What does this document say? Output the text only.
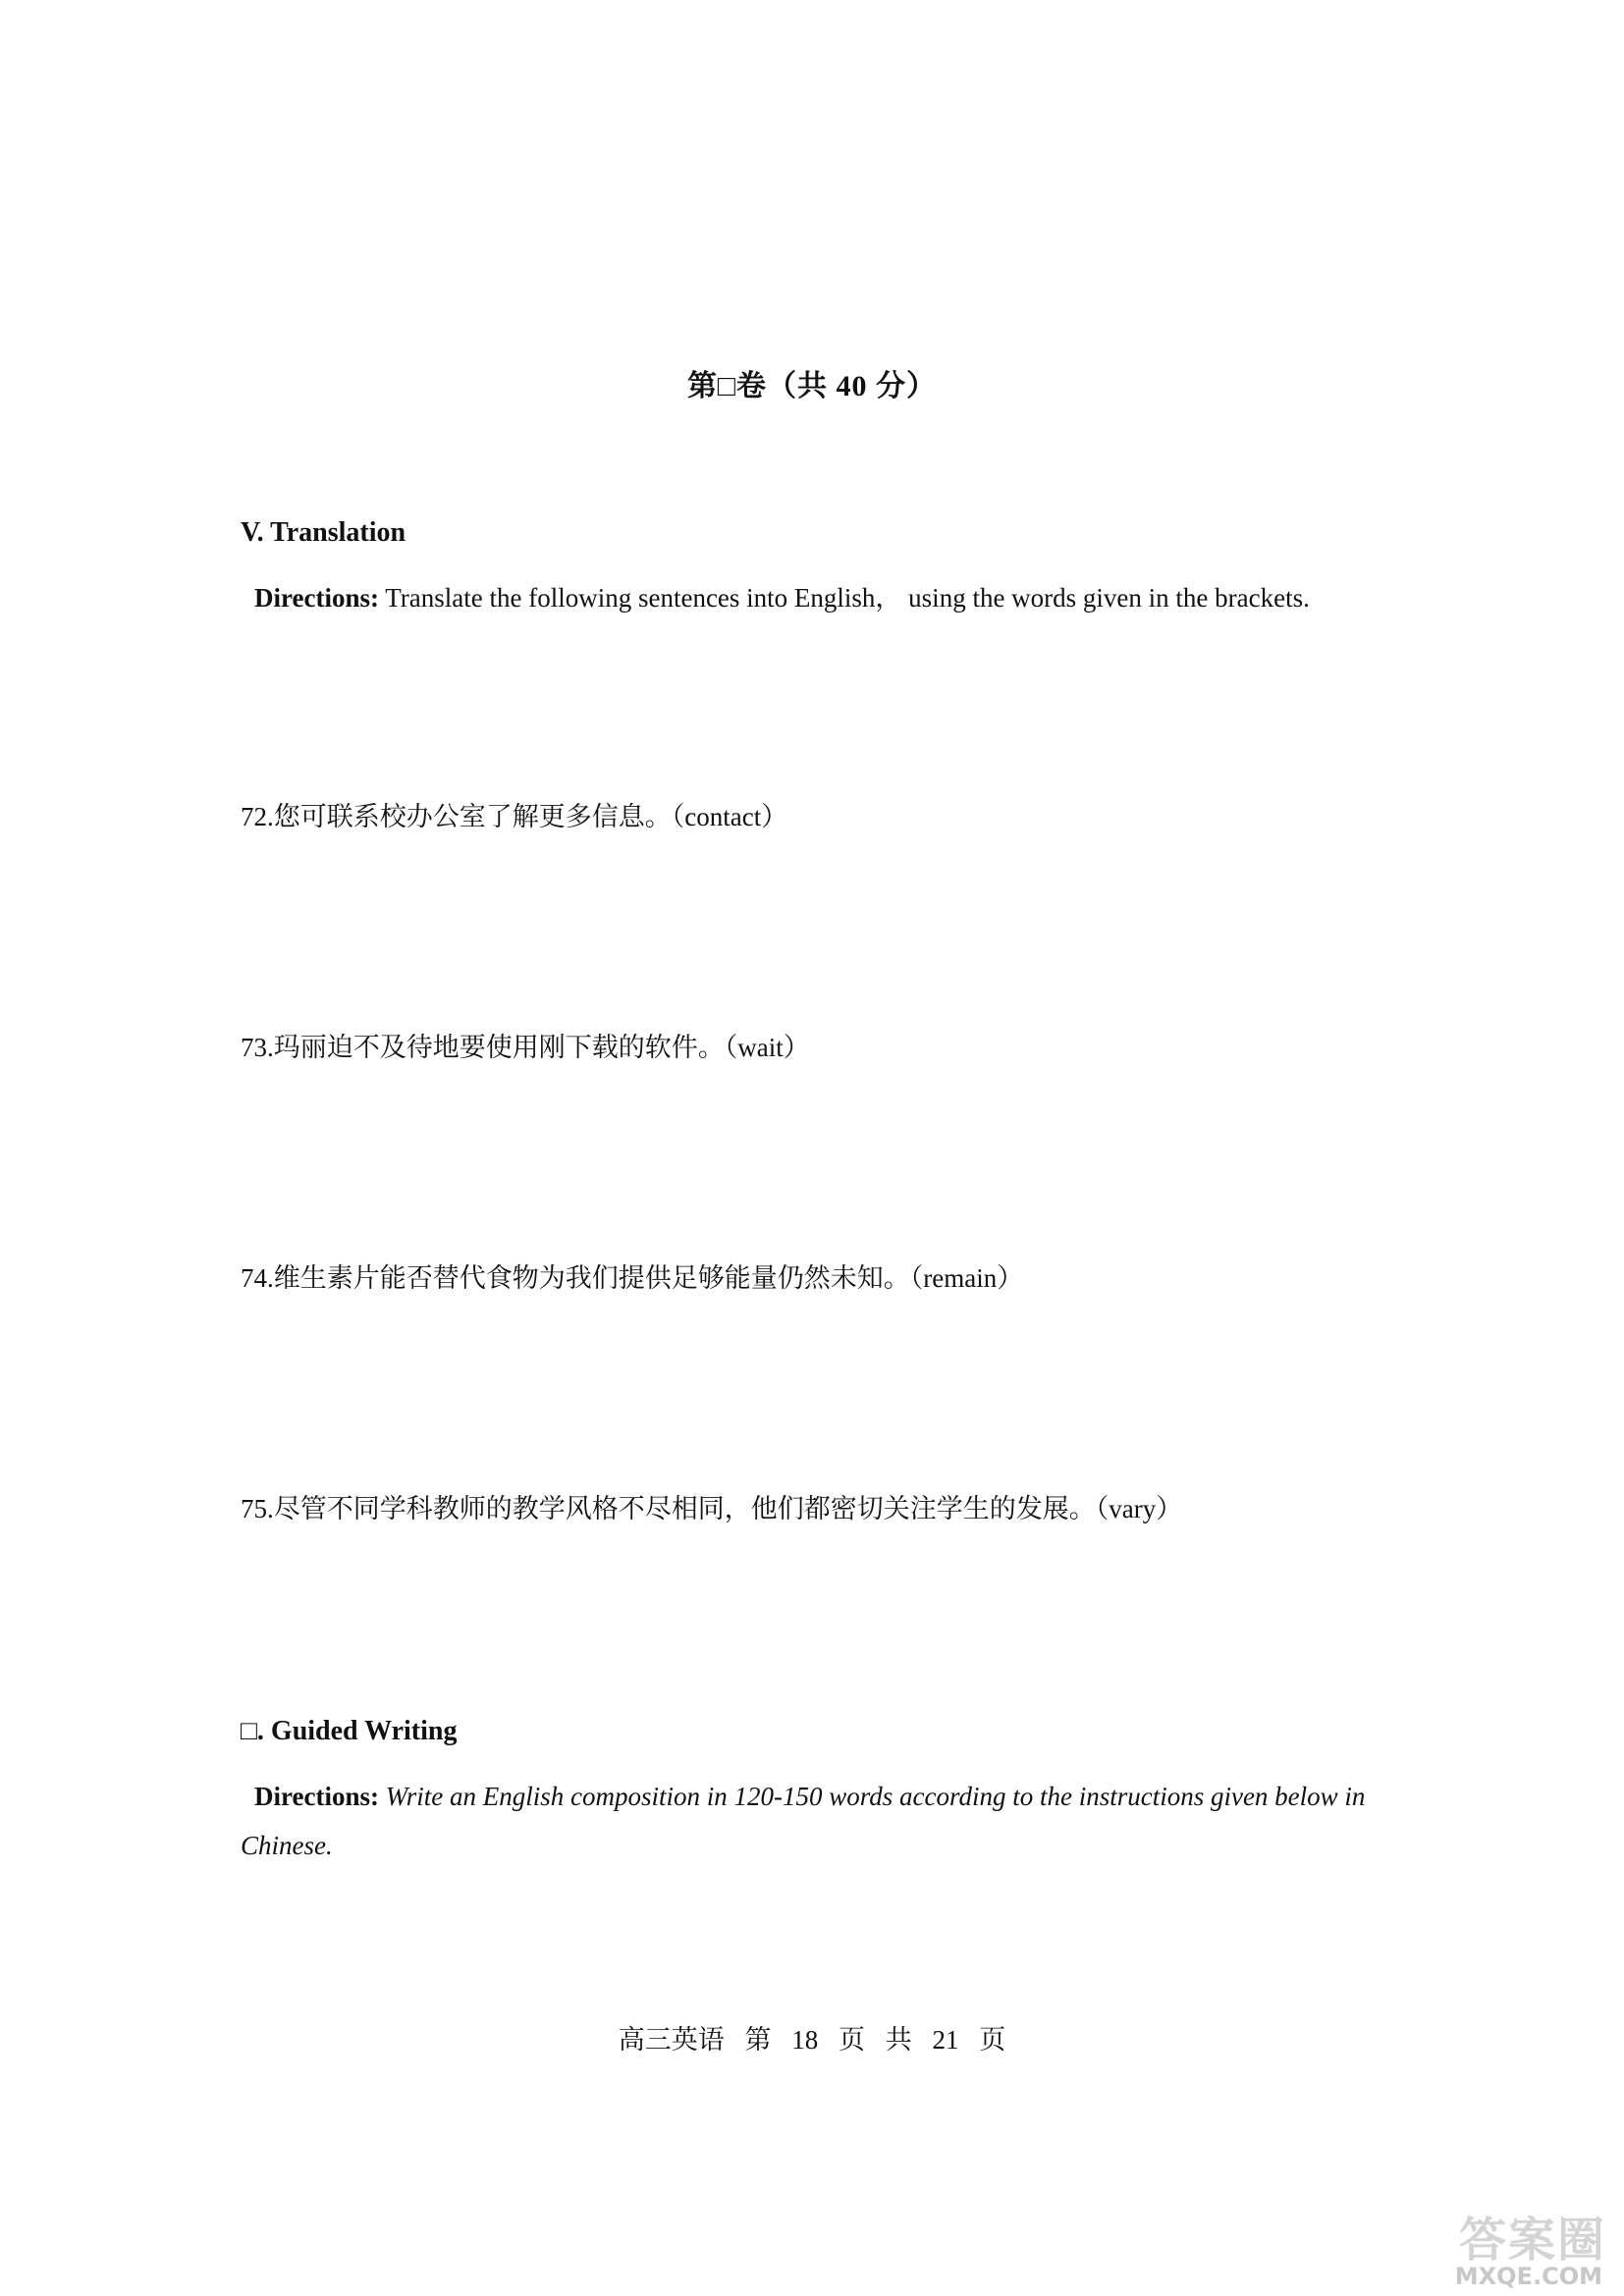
第□卷（共 40 分）
V. Translation
Directions: Translate the following sentences into English， using the words given in the brackets.
72.您可联系校办公室了解更多信息。（contact）
73.玛丽迫不及待地要使用刚下载的软件。（wait）
74.维生素片能否替代食物为我们提供足够能量仍然未知。（remain）
75.尽管不同学科教师的教学风格不尽相同，他们都密切关注学生的发展。（vary）
□. Guided Writing
Directions: Write an English composition in 120-150 words according to the instructions given below in Chinese.
高三英语 第 18 页 共 21 页
答案圈
MXQE.COM
